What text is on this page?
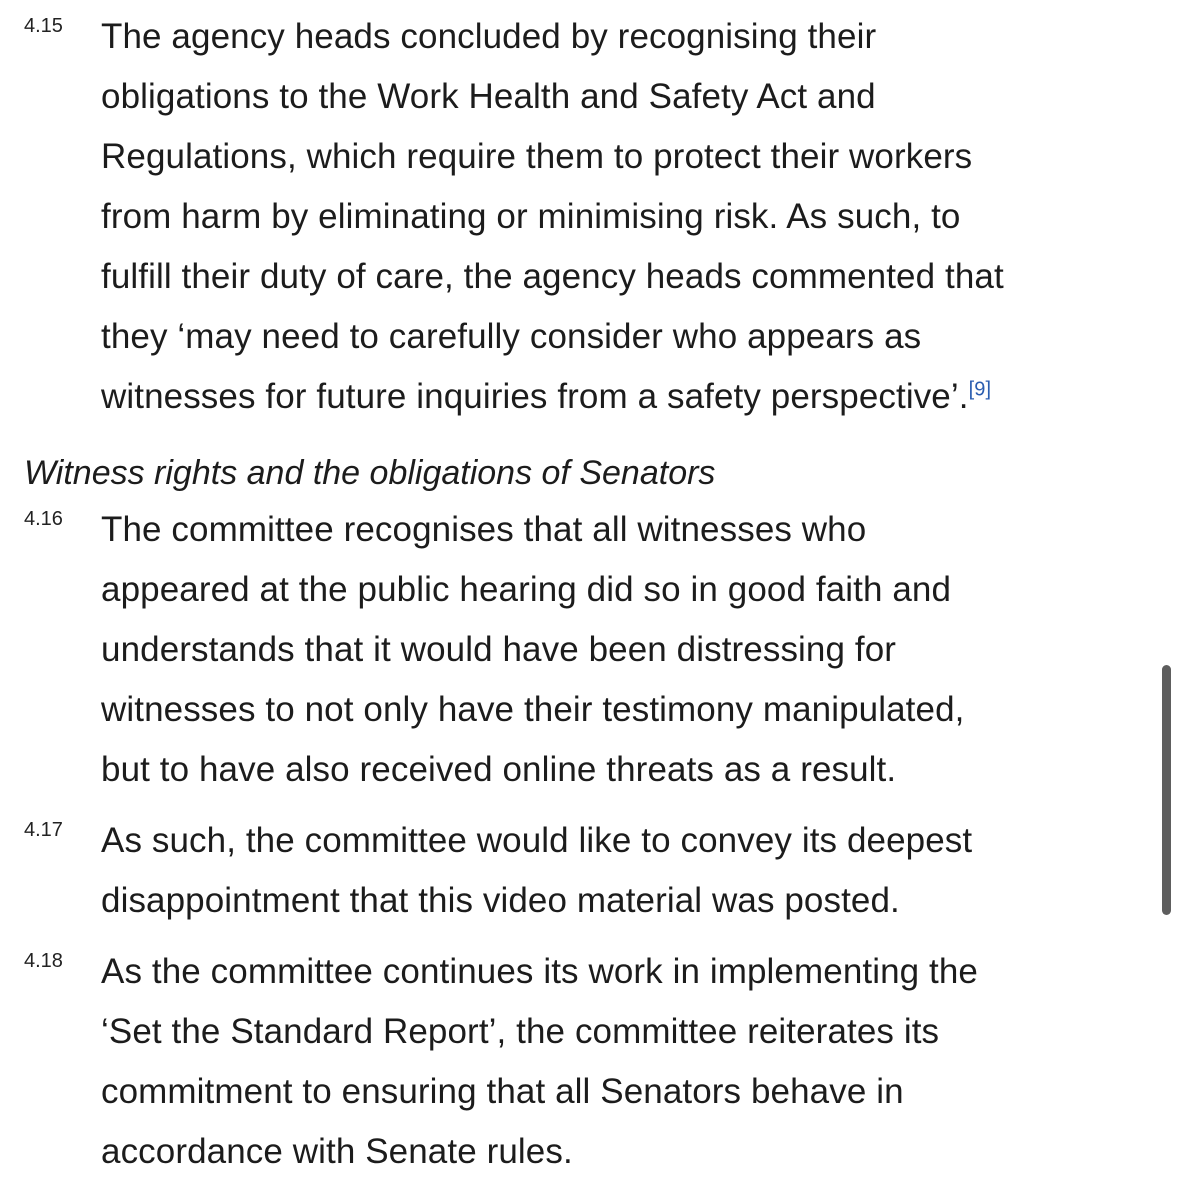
4.15 The agency heads concluded by recognising their
obligations to the Work Health and Safety Act and
Regulations, which require them to protect their workers
from harm by eliminating or minimising risk. As such, to
fulfill their duty of care, the agency heads commented that
they ‘may need to carefully consider who appears as
witnesses for future inquiries from a safety perspective’.[9]
Witness rights and the obligations of Senators
4.16 The committee recognises that all witnesses who
appeared at the public hearing did so in good faith and
understands that it would have been distressing for
witnesses to not only have their testimony manipulated,
but to have also received online threats as a result.
4.17 As such, the committee would like to convey its deepest
disappointment that this video material was posted.
4.18 As the committee continues its work in implementing the
‘Set the Standard Report’, the committee reiterates its
commitment to ensuring that all Senators behave in
accordance with Senate rules.
